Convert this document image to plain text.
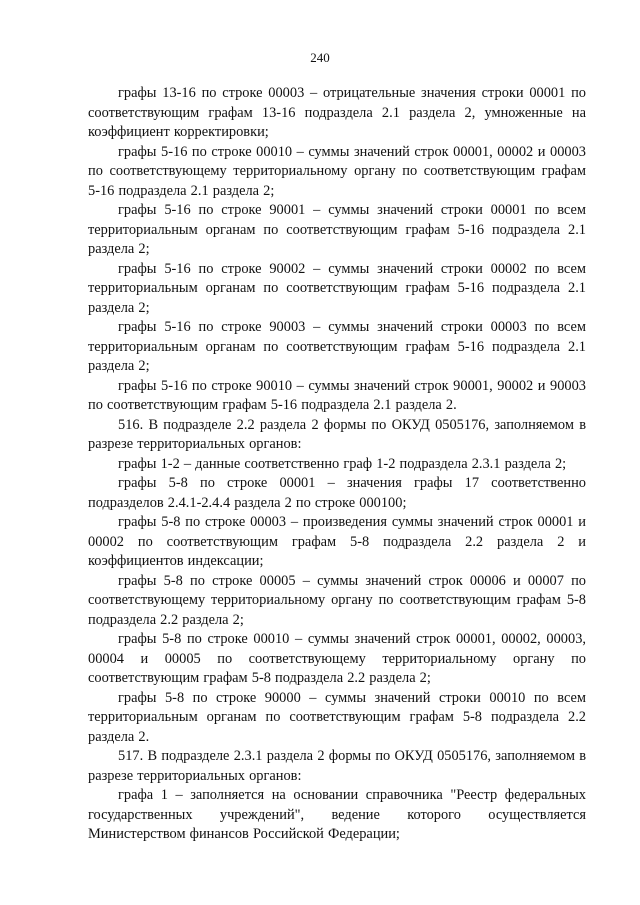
240

графы 13-16 по строке 00003 – отрицательные значения строки 00001 по соответствующим графам 13-16 подраздела 2.1 раздела 2, умноженные на коэффициент корректировки;

графы 5-16 по строке 00010 – суммы значений строк 00001, 00002 и 00003 по соответствующему территориальному органу по соответствующим графам 5-16 подраздела 2.1 раздела 2;

графы 5-16 по строке 90001 – суммы значений строки 00001 по всем территориальным органам по соответствующим графам 5-16 подраздела 2.1 раздела 2;

графы 5-16 по строке 90002 – суммы значений строки 00002 по всем территориальным органам по соответствующим графам 5-16 подраздела 2.1 раздела 2;

графы 5-16 по строке 90003 – суммы значений строки 00003 по всем территориальным органам по соответствующим графам 5-16 подраздела 2.1 раздела 2;

графы 5-16 по строке 90010 – суммы значений строк 90001, 90002 и 90003 по соответствующим графам 5-16 подраздела 2.1 раздела 2.

516. В подразделе 2.2 раздела 2 формы по ОКУД 0505176, заполняемом в разрезе территориальных органов:

графы 1-2 – данные соответственно граф 1-2 подраздела 2.3.1 раздела 2;

графы 5-8 по строке 00001 – значения графы 17 соответственно подразделов 2.4.1-2.4.4 раздела 2 по строке 000100;

графы 5-8 по строке 00003 – произведения суммы значений строк 00001 и 00002 по соответствующим графам 5-8 подраздела 2.2 раздела 2 и коэффициентов индексации;

графы 5-8 по строке 00005 – суммы значений строк 00006 и 00007 по соответствующему территориальному органу по соответствующим графам 5-8 подраздела 2.2 раздела 2;

графы 5-8 по строке 00010 – суммы значений строк 00001, 00002, 00003, 00004 и 00005 по соответствующему территориальному органу по соответствующим графам 5-8 подраздела 2.2 раздела 2;

графы 5-8 по строке 90000 – суммы значений строки 00010 по всем территориальным органам по соответствующим графам 5-8 подраздела 2.2 раздела 2.

517. В подразделе 2.3.1 раздела 2 формы по ОКУД 0505176, заполняемом в разрезе территориальных органов:

графа 1 – заполняется на основании справочника "Реестр федеральных государственных учреждений", ведение которого осуществляется Министерством финансов Российской Федерации;
